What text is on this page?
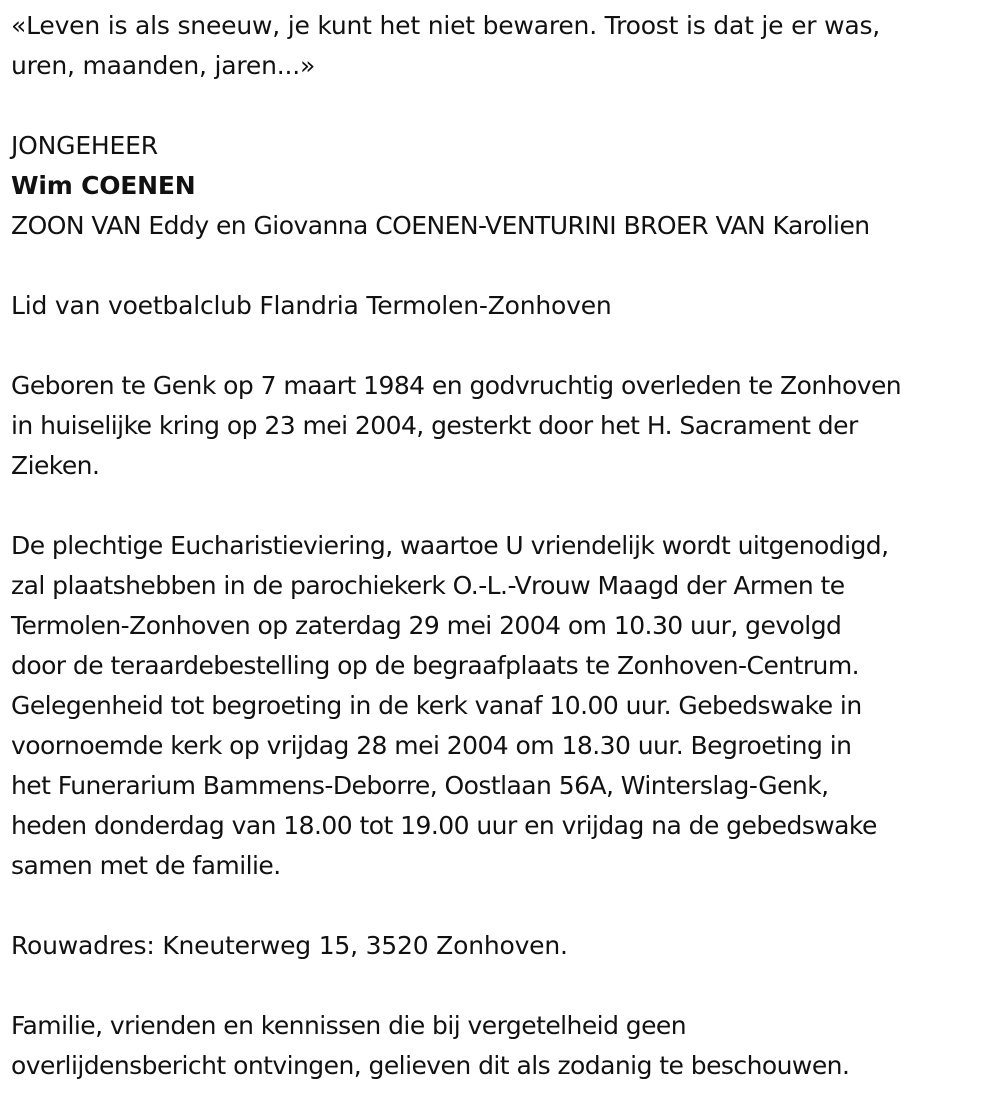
«Leven is als sneeuw, je kunt het niet bewaren. Troost is dat je er was,

uren, maanden, jaren...»

JONGEHEER

Wim COENEN

ZOON VAN Eddy en Giovanna COENEN-VENTURINI BROER VAN Karolien

Lid van voetbalclub Flandria Termolen-Zonhoven

Geboren te Genk op 7 maart 1984 en godvruchtig overleden te Zonhoven

in huiselijke kring op 23 mei 2004, gesterkt door het H. Sacrament der

Zieken.

De plechtige Eucharistieviering, waartoe U vriendelijk wordt uitgenodigd,

zal plaatshebben in de parochiekerk O.-L.-Vrouw Maagd der Armen te

Termolen-Zonhoven op zaterdag 29 mei 2004 om 10.30 uur, gevolgd

door de teraardebestelling op de begraafplaats te Zonhoven-Centrum.

Gelegenheid tot begroeting in de kerk vanaf 10.00 uur. Gebedswake in

voornoemde kerk op vrijdag 28 mei 2004 om 18.30 uur. Begroeting in

het Funerarium Bammens-Deborre, Oostlaan 56A, Winterslag-Genk,

heden donderdag van 18.00 tot 19.00 uur en vrijdag na de gebedswake

samen met de familie.

Rouwadres: Kneuterweg 15, 3520 Zonhoven.

Familie, vrienden en kennissen die bij vergetelheid geen

overlijdensbericht ontvingen, gelieven dit als zodanig te beschouwen.
